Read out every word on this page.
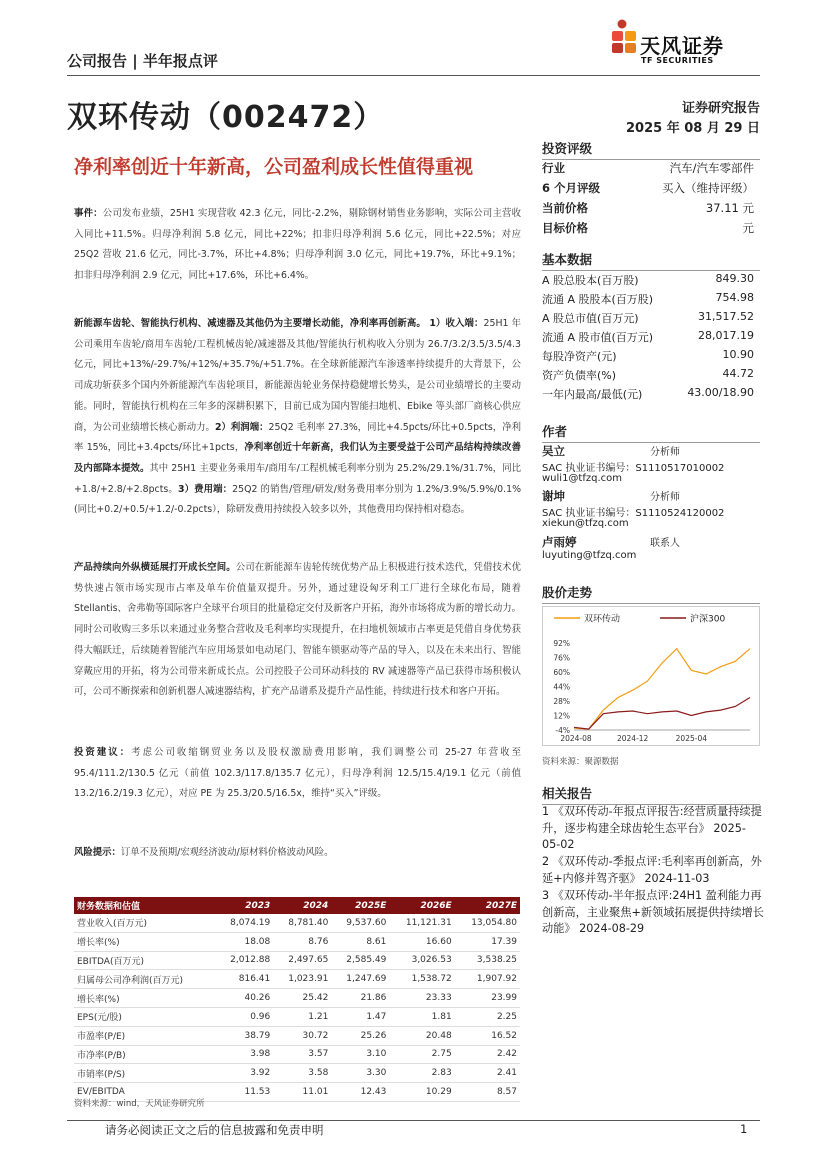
公司报告 | 半年报点评
天风证券
TF SECURITIES
双环传动（002472）	证券研究报告
2025 年 08 月 29 日
净利率创近十年新高，公司盈利成长性值得重视
事件：公司发布业绩，25H1 实现营收 42.3 亿元，同比-2.2%，剔除钢材销售业务影响，实际公司主营收入同比+11.5%。归母净利润 5.8 亿元，同比+22%；扣非归母净利润 5.6 亿元，同比+22.5%；对应 25Q2 营收 21.6 亿元，同比-3.7%，环比+4.8%；归母净利润 3.0 亿元，同比+19.7%，环比+9.1%；扣非归母净利润 2.9 亿元，同比+17.6%，环比+6.4%。
新能源车齿轮、智能执行机构、减速器及其他仍为主要增长动能，净利率再创新高。 1）收入端：25H1 年公司乘用车齿轮/商用车齿轮/工程机械齿轮/减速器及其他/智能执行机构收入分别为 26.7/3.2/3.5/3.5/4.3 亿元，同比+13%/-29.7%/+12%/+35.7%/+51.7%。在全球新能源汽车渗透率持续提升的大背景下，公司成功斩获多个国内外新能源汽车齿轮项目，新能源齿轮业务保持稳健增长势头，是公司业绩增长的主要动能。同时，智能执行机构在三年多的深耕积累下，目前已成为国内智能扫地机、Ebike 等头部厂商核心供应商，为公司业绩增长核心新动力。2）利润端：25Q2 毛利率 27.3%，同比+4.5pcts/环比+0.5pcts，净利率 15%，同比+3.4pcts/环比+1pcts，净利率创近十年新高，我们认为主要受益于公司产品结构持续改善及内部降本提效。其中 25H1 主要业务乘用车/商用车/工程机械毛利率分别为 25.2%/29.1%/31.7%，同比+1.8/+2.8/+2.8pcts。3）费用端：25Q2 的销售/管理/研发/财务费用率分别为 1.2%/3.9%/5.9%/0.1%(同比+0.2/+0.5/+1.2/-0.2pcts），除研发费用持续投入较多以外，其他费用均保持相对稳态。
产品持续向外纵横延展打开成长空间。公司在新能源车齿轮传统优势产品上积极进行技术迭代，凭借技术优势快速占领市场实现市占率及单车价值量双提升。另外，通过建设匈牙利工厂进行全球化布局，随着 Stellantis、舍弗勒等国际客户全球平台项目的批量稳定交付及新客户开拓，海外市场将成为新的增长动力。同时公司收购三多乐以来通过业务整合营收及毛利率均实现提升，在扫地机领域市占率更是凭借自身优势获得大幅跃迁，后续随着智能汽车应用场景如电动尾门、智能车锁驱动等产品的导入，以及在未来出行、智能穿戴应用的开拓，将为公司带来新成长点。公司控股子公司环动科技的 RV 减速器等产品已获得市场积极认可，公司不断探索和创新机器人减速器结构，扩充产品谱系及提升产品性能，持续进行技术和客户开拓。
投资建议：考虑公司收缩钢贸业务以及股权激励费用影响，我们调整公司 25-27 年营收至 95.4/111.2/130.5 亿元（前值 102.3/117.8/135.7 亿元），归母净利润 12.5/15.4/19.1 亿元（前值 13.2/16.2/19.3 亿元），对应 PE 为 25.3/20.5/16.5x，维持“买入”评级。
风险提示：订单不及预期/宏观经济波动/原材料价格波动风险。
财务数据和估值	2023	2024	2025E	2026E	2027E
营业收入(百万元)	8,074.19	8,781.40	9,537.60	11,121.31	13,054.80
增长率(%)	18.08	8.76	8.61	16.60	17.39
EBITDA(百万元)	2,012.88	2,497.65	2,585.49	3,026.53	3,538.25
归属母公司净利润(百万元)	816.41	1,023.91	1,247.69	1,538.72	1,907.92
增长率(%)	40.26	25.42	21.86	23.33	23.99
EPS(元/股)	0.96	1.21	1.47	1.81	2.25
市盈率(P/E)	38.79	30.72	25.26	20.48	16.52
市净率(P/B)	3.98	3.57	3.10	2.75	2.42
市销率(P/S)	3.92	3.58	3.30	2.83	2.41
EV/EBITDA	11.53	11.01	12.43	10.29	8.57
资料来源：wind，天风证券研究所
投资评级
行业	汽车/汽车零部件
6 个月评级	买入（维持评级）
当前价格	37.11 元
目标价格	元
基本数据
A 股总股本(百万股)	849.30
流通 A 股股本(百万股)	754.98
A 股总市值(百万元)	31,517.52
流通 A 股市值(百万元)	28,017.19
每股净资产(元)	10.90
资产负债率(%)	44.72
一年内最高/最低(元)	43.00/18.90
作者
吴立	分析师
SAC 执业证书编号：S1110517010002
wuli1@tfzq.com
谢坤	分析师
SAC 执业证书编号：S1110524120002
xiekun@tfzq.com
卢雨婷	联系人
luyuting@tfzq.com
股价走势
双环传动	沪深300
92%
76%
60%
44%
28%
12%
-4%
2024-08	2024-12	2025-04
资料来源：聚源数据
相关报告
1 《双环传动-年报点评报告:经营质量持续提升，逐步构建全球齿轮生态平台》 2025-05-02
2 《双环传动-季报点评:毛利率再创新高，外延+内修并驾齐驱》 2024-11-03
3 《双环传动-半年报点评:24H1 盈利能力再创新高，主业聚焦+新领域拓展提供持续增长动能》 2024-08-29
请务必阅读正文之后的信息披露和免责申明	1
